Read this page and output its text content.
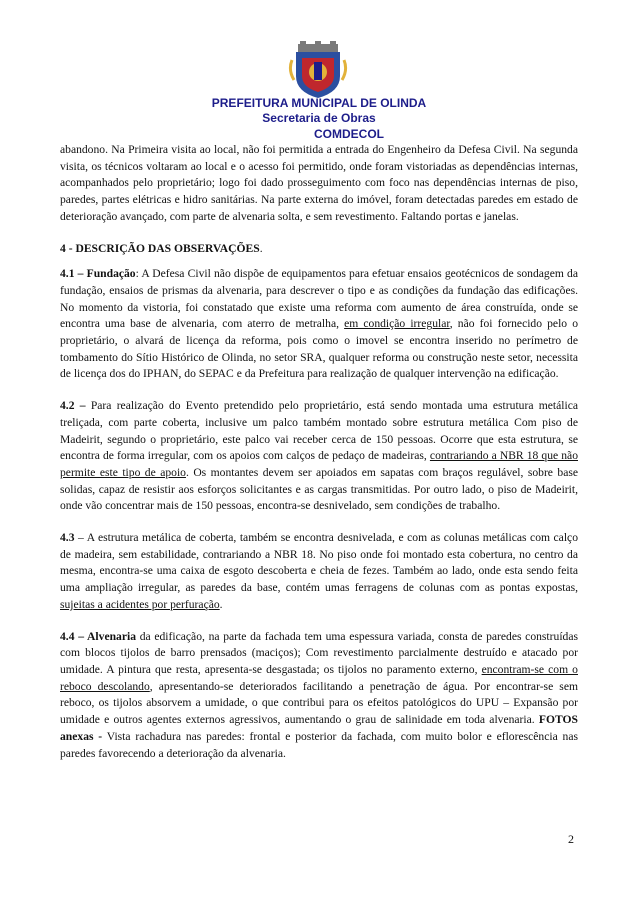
PREFEITURA MUNICIPAL DE OLINDA
Secretaria de Obras
COMDECOL

abandono. Na Primeira visita ao local, não foi permitida a entrada do Engenheiro da Defesa Civil. Na segunda visita, os técnicos voltaram ao local e o acesso foi permitido, onde foram vistoriadas as dependências internas, acompanhados pelo proprietário; logo foi dado prosseguimento com foco nas dependências internas de piso, paredes, partes elétricas e hidro sanitárias. Na parte externa do imóvel, foram detectadas paredes em estado de deterioração avançado, com parte de alvenaria solta, e sem revestimento. Faltando portas e janelas.

4 - DESCRIÇÃO DAS OBSERVAÇÕES.

4.1 – Fundação: A Defesa Civil não dispõe de equipamentos para efetuar ensaios geotécnicos de sondagem da fundação, ensaios de prismas da alvenaria, para descrever o tipo e as condições da fundação das edificações. No momento da vistoria, foi constatado que existe uma reforma com aumento de área construída, onde se encontra uma base de alvenaria, com aterro de metralha, em condição irregular, não foi fornecido pelo o proprietário, o alvará de licença da reforma, pois como o imovel se encontra inserido no perímetro de tombamento do Sítio Histórico de Olinda, no setor SRA, qualquer reforma ou construção neste setor, necessita de licença dos do IPHAN, do SEPAC e da Prefeitura para realização de qualquer intervenção na edificação.

4.2 – Para realização do Evento pretendido pelo proprietário, está sendo montada uma estrutura metálica treliçada, com parte coberta, inclusive um palco também montado sobre estrutura metálica Com piso de Madeirit, segundo o proprietário, este palco vai receber cerca de 150 pessoas. Ocorre que esta estrutura, se encontra de forma irregular, com os apoios com calços de pedaço de madeiras, contrariando a NBR 18 que não permite este tipo de apoio. Os montantes devem ser apoiados em sapatas com braços regulável, sobre base solidas, capaz de resistir aos esforços solicitantes e as cargas transmitidas. Por outro lado, o piso de Madeirit, onde vão concentrar mais de 150 pessoas, encontra-se desnivelado, sem condições de trabalho.

4.3 – A estrutura metálica de coberta, também se encontra desnivelada, e com as colunas metálicas com calço de madeira, sem estabilidade, contrariando a NBR 18. No piso onde foi montado esta cobertura, no centro da mesma, encontra-se uma caixa de esgoto descoberta e cheia de fezes. Também ao lado, onde esta sendo feita uma ampliação irregular, as paredes da base, contém umas ferragens de colunas com as pontas expostas, sujeitas a acidentes por perfuração.

4.4 – Alvenaria da edificação, na parte da fachada tem uma espessura variada, consta de paredes construídas com blocos tijolos de barro prensados (maciços); Com revestimento parcialmente destruído e atacado por umidade. A pintura que resta, apresenta-se desgastada; os tijolos no paramento externo, encontram-se com o reboco descolando, apresentando-se deteriorados facilitando a penetração de água. Por encontrar-se sem reboco, os tijolos absorvem a umidade, o que contribui para os efeitos patológicos do UPU – Expansão por umidade e outros agentes externos agressivos, aumentando o grau de salinidade em toda alvenaria. FOTOS anexas - Vista rachadura nas paredes: frontal e posterior da fachada, com muito bolor e eflorescência nas paredes favorecendo a deterioração da alvenaria.

2
